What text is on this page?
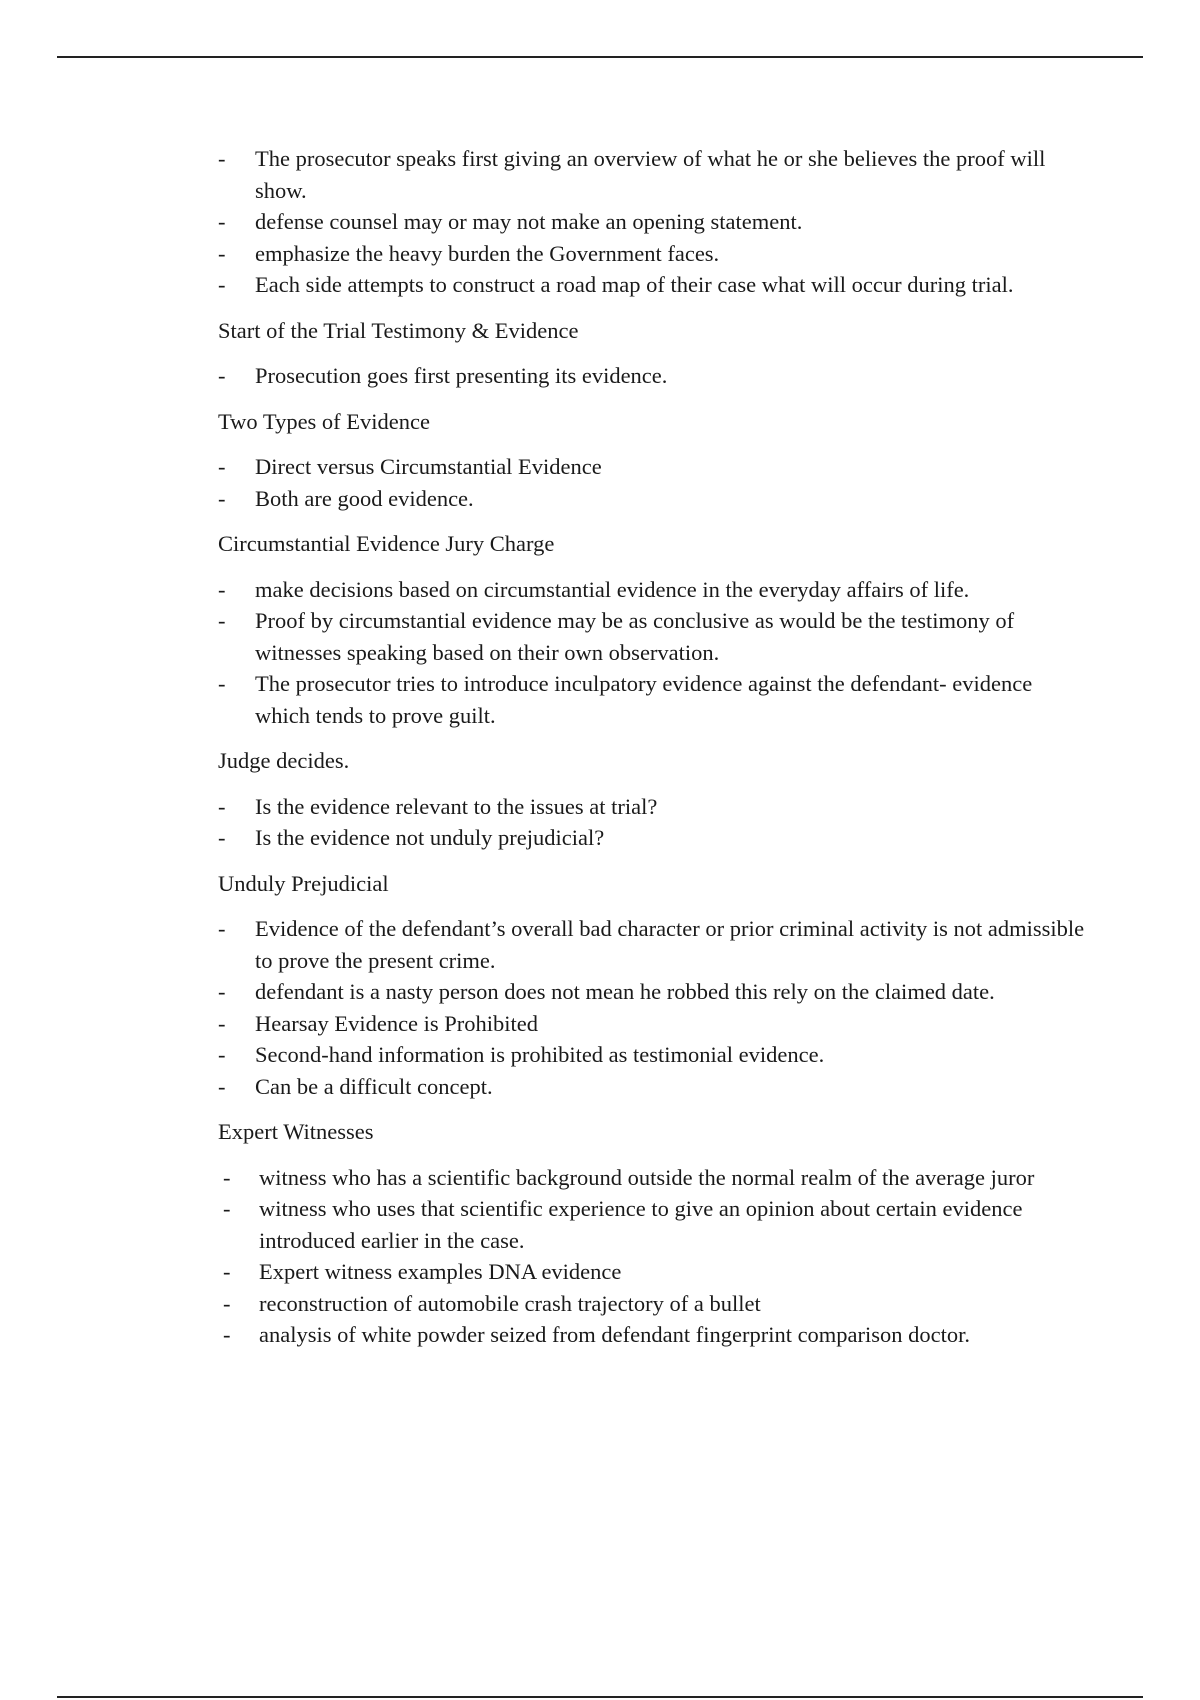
- The prosecutor speaks first giving an overview of what he or she believes the proof will show.
- defense counsel may or may not make an opening statement.
- emphasize the heavy burden the Government faces.
- Each side attempts to construct a road map of their case what will occur during trial.
Start of the Trial Testimony & Evidence
- Prosecution goes first presenting its evidence.
Two Types of Evidence
- Direct versus Circumstantial Evidence
- Both are good evidence.
Circumstantial Evidence Jury Charge
- make decisions based on circumstantial evidence in the everyday affairs of life.
- Proof by circumstantial evidence may be as conclusive as would be the testimony of witnesses speaking based on their own observation.
- The prosecutor tries to introduce inculpatory evidence against the defendant- evidence which tends to prove guilt.
Judge decides.
- Is the evidence relevant to the issues at trial?
- Is the evidence not unduly prejudicial?
Unduly Prejudicial
- Evidence of the defendant’s overall bad character or prior criminal activity is not admissible to prove the present crime.
- defendant is a nasty person does not mean he robbed this rely on the claimed date.
- Hearsay Evidence is Prohibited
- Second-hand information is prohibited as testimonial evidence.
- Can be a difficult concept.
Expert Witnesses
- witness who has a scientific background outside the normal realm of the average juror
- witness who uses that scientific experience to give an opinion about certain evidence introduced earlier in the case.
- Expert witness examples DNA evidence
- reconstruction of automobile crash trajectory of a bullet
- analysis of white powder seized from defendant fingerprint comparison doctor.
